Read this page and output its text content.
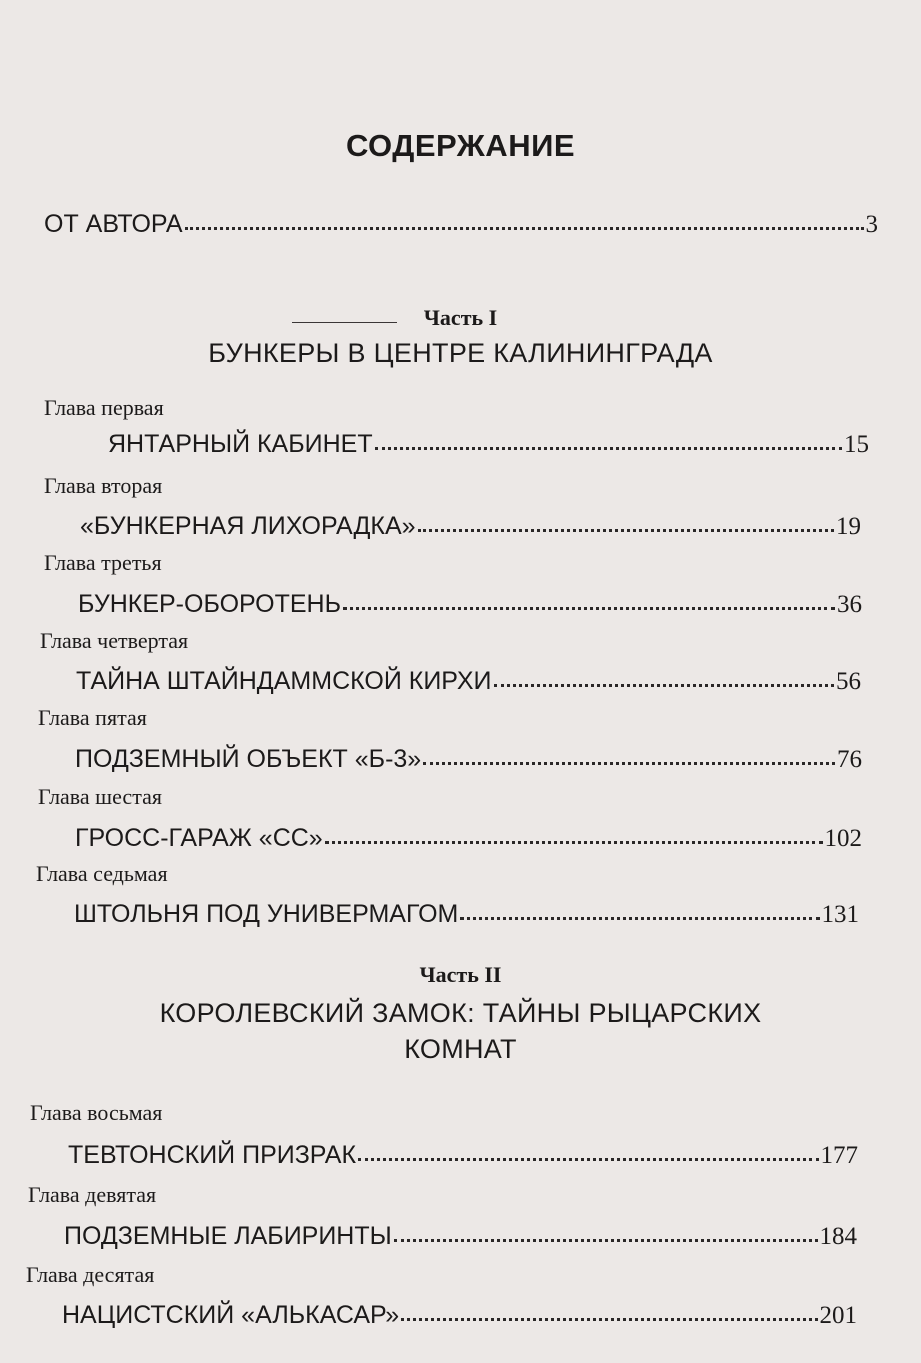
СОДЕРЖАНИЕ
ОТ АВТОРА	3
Часть I
БУНКЕРЫ В ЦЕНТРЕ КАЛИНИНГРАДА
Глава первая
ЯНТАРНЫЙ КАБИНЕТ	15
Глава вторая
«БУНКЕРНАЯ ЛИХОРАДКА»	19
Глава третья
БУНКЕР-ОБОРОТЕНЬ	36
Глава четвертая
ТАЙНА ШТАЙНДАММСКОЙ КИРХИ	56
Глава пятая
ПОДЗЕМНЫЙ ОБЪЕКТ «Б-3»	76
Глава шестая
ГРОСС-ГАРАЖ «СС»	102
Глава седьмая
ШТОЛЬНЯ ПОД УНИВЕРМАГОМ	131
Часть II
КОРОЛЕВСКИЙ ЗАМОК: ТАЙНЫ РЫЦАРСКИХ
КОМНАТ
Глава восьмая
ТЕВТОНСКИЙ ПРИЗРАК	177
Глава девятая
ПОДЗЕМНЫЕ ЛАБИРИНТЫ	184
Глава десятая
НАЦИСТСКИЙ «АЛЬКАСАР»	201
